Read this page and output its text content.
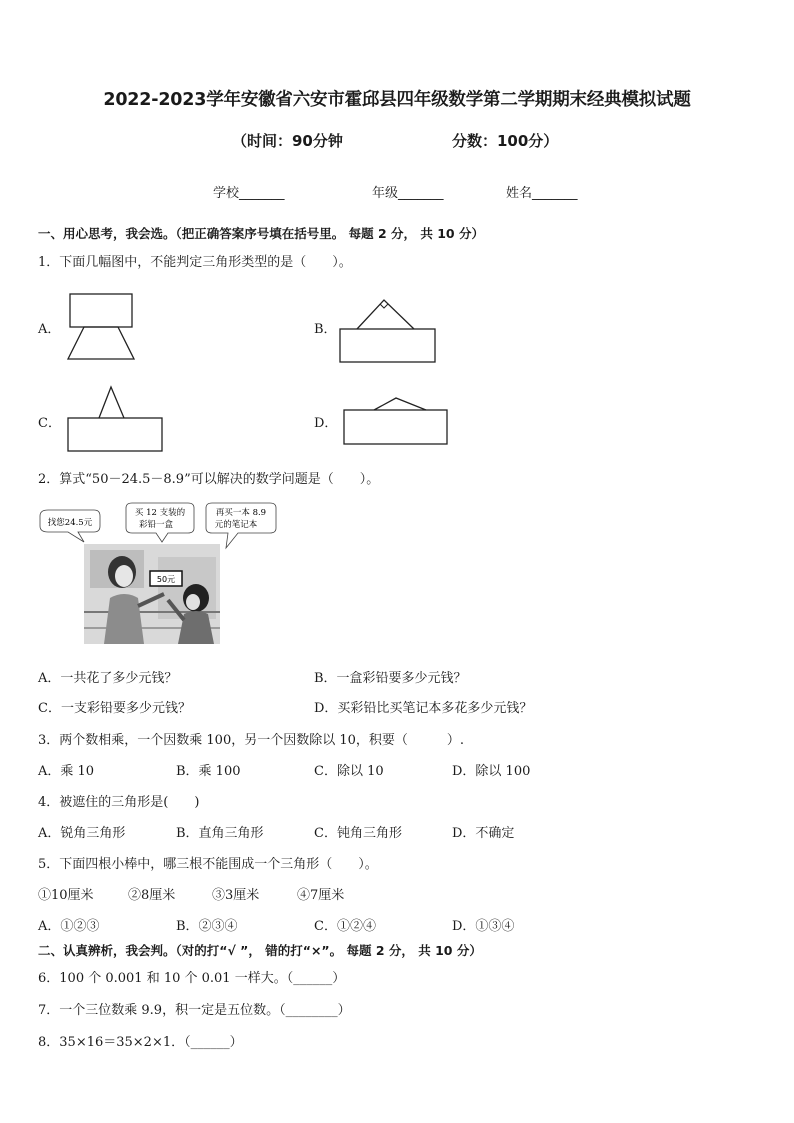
2022-2023学年安徽省六安市霍邱县四年级数学第二学期期末经典模拟试题
（时间：90分钟	分数：100分）
学校_______	年级_______	姓名_______
一、用心思考，我会选。（把正确答案序号填在括号里。 每题 2 分， 共 10 分）
1．下面几幅图中，不能判定三角形类型的是（　　）。
A．	B．
C．	D．
2．算式“50－24.5－8.9”可以解决的数学问题是（　　）。
50元
找您24.5元
买 12 支装的
彩铅一盒
再买一本 8.9
元的笔记本
A．一共花了多少元钱？	B．一盒彩铅要多少元钱？
C．一支彩铅要多少元钱？	D．买彩铅比买笔记本多花多少元钱？
3．两个数相乘，一个因数乘 100，另一个因数除以 10，积要（　　　）.
A．乘 10	B．乘 100	C．除以 10	D．除以 100
4．被遮住的三角形是(　　)
A．锐角三角形	B．直角三角形	C．钝角三角形	D．不确定
5．下面四根小棒中，哪三根不能围成一个三角形（　　）。
①10厘米	②8厘米	③3厘米	④7厘米
A．①②③	B．②③④	C．①②④	D．①③④
二、认真辨析，我会判。（对的打“√ ”， 错的打“×”。 每题 2 分， 共 10 分）
6．100 个 0.001 和 10 个 0.01 一样大。（______）
7．一个三位数乘 9.9，积一定是五位数。（________）
8．35×16＝35×2×1．（______）
